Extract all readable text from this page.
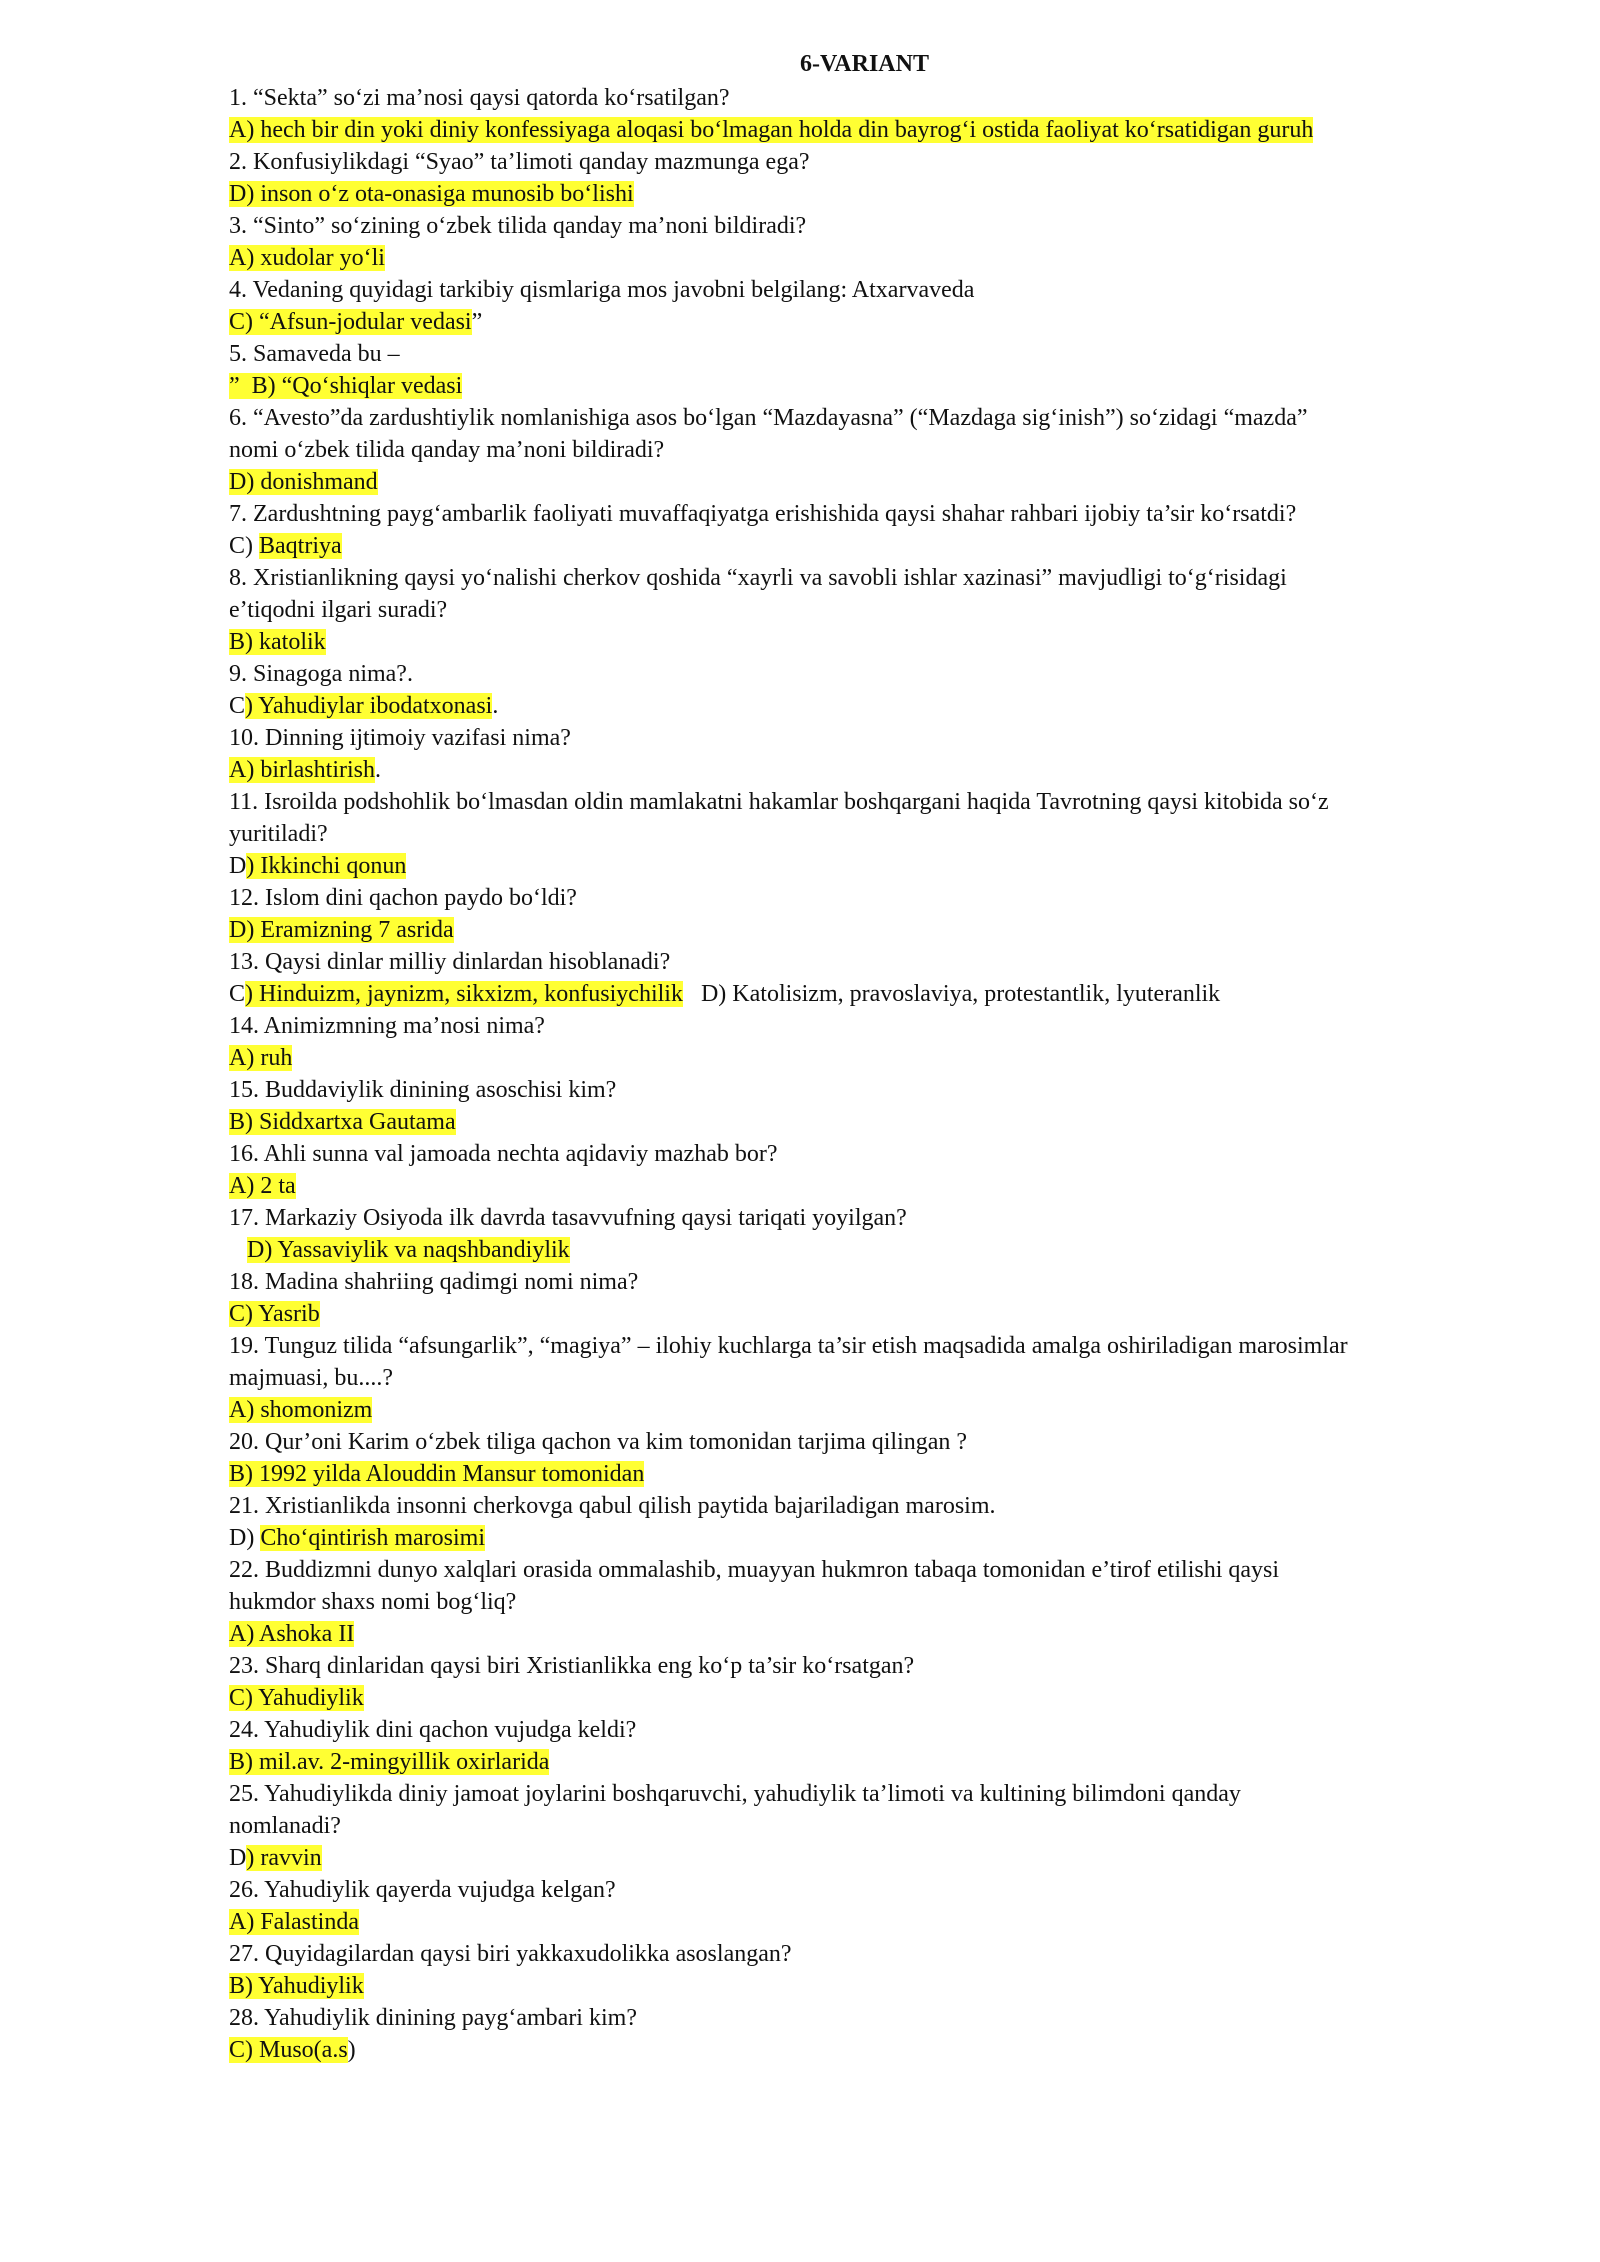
6-VARIANT
1. “Sekta” so‘zi ma’nosi qaysi qatorda ko‘rsatilgan?
A) hech bir din yoki diniy konfessiyaga aloqasi bo‘lmagan holda din bayrog‘i ostida faoliyat ko‘rsatidigan guruh
2. Konfusiylikdagi “Syao” ta’limoti qanday mazmunga ega?
D) inson o‘z ota-onasiga munosib bo‘lishi
3. “Sinto” so‘zining o‘zbek tilida qanday ma’noni bildiradi?
A) xudolar yo‘li
4. Vedaning quyidagi tarkibiy qismlariga mos javobni belgilang: Atxarvaveda
C) “Afsun-jodular vedasi”
5. Samaveda bu –
”  B) “Qo‘shiqlar vedasi
6. “Avesto”da zardushtiylik nomlanishiga asos bo‘lgan “Mazdayasna” (“Mazdaga sig‘inish”) so‘zidagi “mazda”
nomi o‘zbek tilida qanday ma’noni bildiradi?
D) donishmand
7. Zardushtning payg‘ambarlik faoliyati muvaffaqiyatga erishishida qaysi shahar rahbari ijobiy ta’sir ko‘rsatdi?
C) Baqtriya
8. Xristianlikning qaysi yo‘nalishi cherkov qoshida “xayrli va savobli ishlar xazinasi” mavjudligi to‘g‘risidagi
e’tiqodni ilgari suradi?
B) katolik
9. Sinagoga nima?.
C) Yahudiylar ibodatxonasi.
10. Dinning ijtimoiy vazifasi nima?
A) birlashtirish.
11. Isroilda podshohlik bo‘lmasdan oldin mamlakatni hakamlar boshqargani haqida Tavrotning qaysi kitobida so‘z
yuritiladi?
D) Ikkinchi qonun
12. Islom dini qachon paydo bo‘ldi?
D) Eramizning 7 asrida
13. Qaysi dinlar milliy dinlardan hisoblanadi?
C) Hinduizm, jaynizm, sikxizm, konfusiychilik   D) Katolisizm, pravoslaviya, protestantlik, lyuteranlik
14. Animizmning ma’nosi nima?
A) ruh
15. Buddaviylik dinining asoschisi kim?
B) Siddxartxa Gautama
16. Ahli sunna val jamoada nechta aqidaviy mazhab bor?
A) 2 ta
17. Markaziy Osiyoda ilk davrda tasavvufning qaysi tariqati yoyilgan?
D) Yassaviylik va naqshbandiylik
18. Madina shahriing qadimgi nomi nima?
C) Yasrib
19. Tunguz tilida “afsungarlik”, “magiya” – ilohiy kuchlarga ta’sir etish maqsadida amalga oshiriladigan marosimlar
majmuasi, bu....?
A) shomonizm
20. Qur’oni Karim o‘zbek tiliga qachon va kim tomonidan tarjima qilingan ?
B) 1992 yilda Alouddin Mansur tomonidan
21. Xristianlikda insonni cherkovga qabul qilish paytida bajariladigan marosim.
D) Cho‘qintirish marosimi
22. Buddizmni dunyo xalqlari orasida ommalashib, muayyan hukmron tabaqa tomonidan e’tirof etilishi qaysi
hukmdor shaxs nomi bog‘liq?
A) Ashoka II
23. Sharq dinlaridan qaysi biri Xristianlikka eng ko‘p ta’sir ko‘rsatgan?
C) Yahudiylik
24. Yahudiylik dini qachon vujudga keldi?
B) mil.av. 2-mingyillik oxirlarida
25. Yahudiylikda diniy jamoat joylarini boshqaruvchi, yahudiylik ta’limoti va kultining bilimdoni qanday
nomlanadi?
D) ravvin
26. Yahudiylik qayerda vujudga kelgan?
A) Falastinda
27. Quyidagilardan qaysi biri yakkaxudolikka asoslangan?
B) Yahudiylik
28. Yahudiylik dinining payg‘ambari kim?
C) Muso(a.s)
